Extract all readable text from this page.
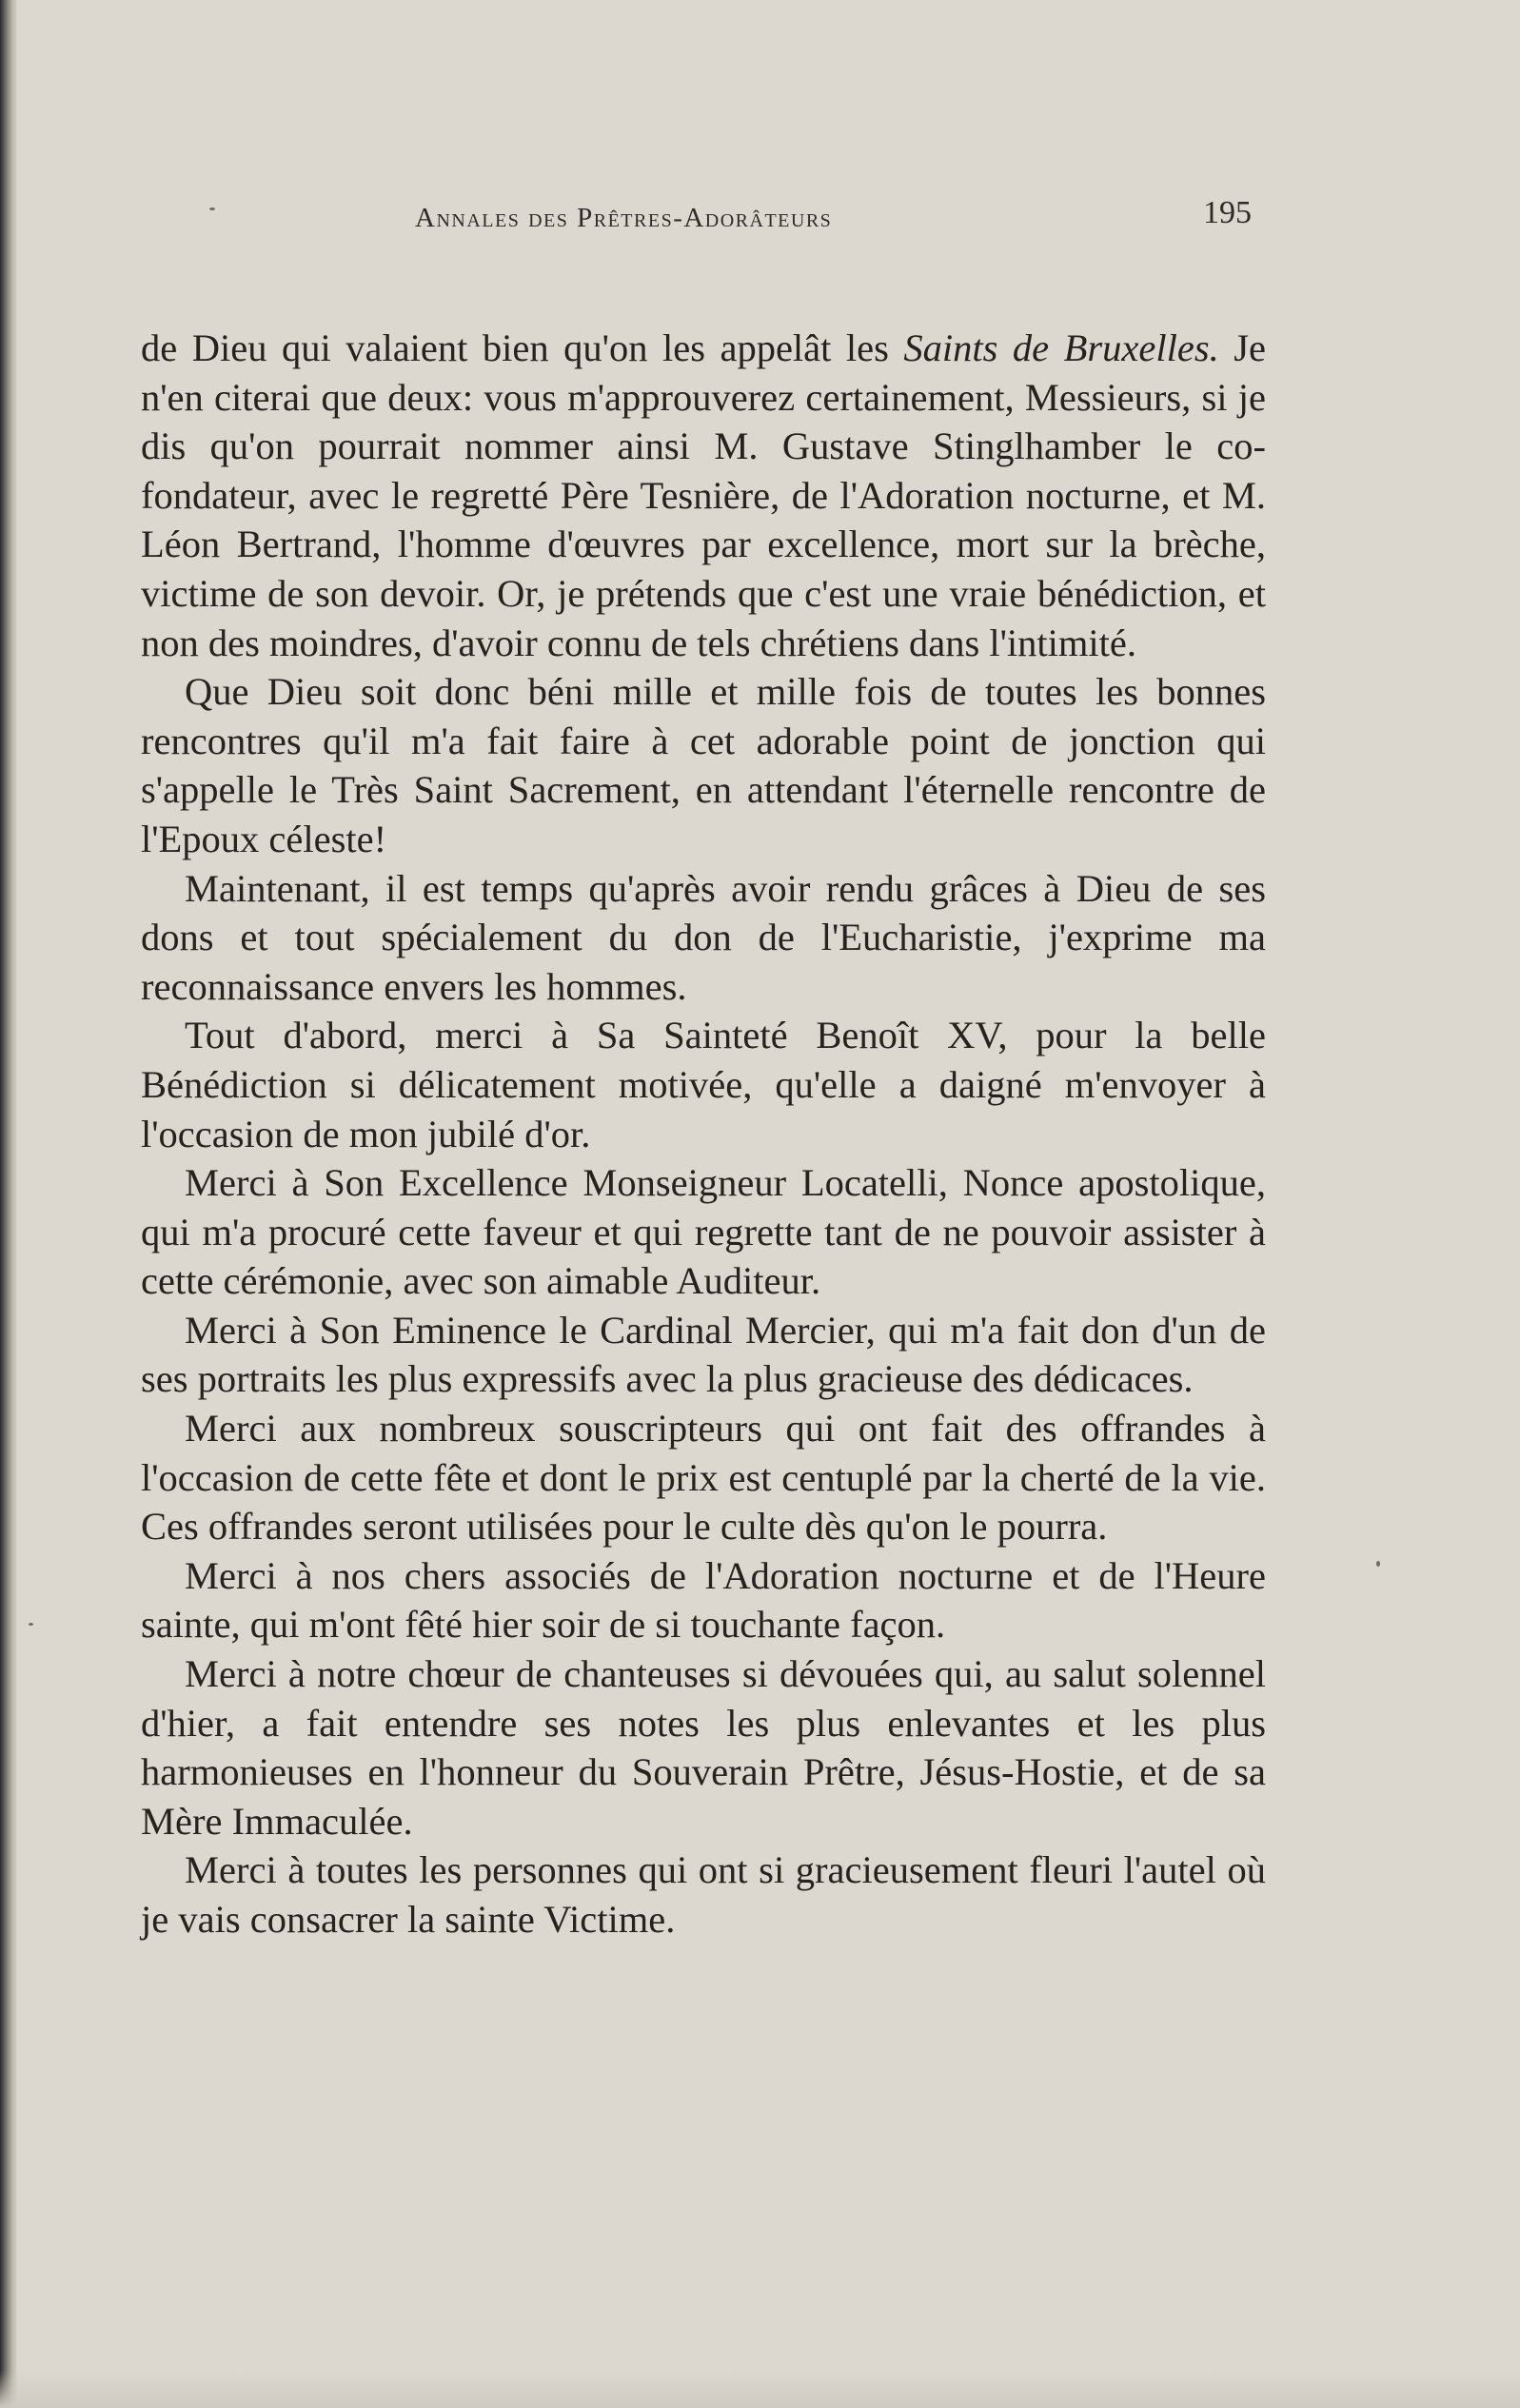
Annales des Prêtres-Adorâteurs	195

de Dieu qui valaient bien qu'on les appelât les Saints de Bruxelles. Je n'en citerai que deux: vous m'approuverez certainement, Messieurs, si je dis qu'on pourrait nommer ainsi M. Gustave Stinglhamber le co-fondateur, avec le regretté Père Tesnière, de l'Adoration nocturne, et M. Léon Bertrand, l'homme d'œuvres par excellence, mort sur la brèche, victime de son devoir. Or, je prétends que c'est une vraie bénédiction, et non des moindres, d'avoir connu de tels chrétiens dans l'intimité.

Que Dieu soit donc béni mille et mille fois de toutes les bonnes rencontres qu'il m'a fait faire à cet adorable point de jonction qui s'appelle le Très Saint Sacrement, en attendant l'éternelle rencontre de l'Epoux céleste!

Maintenant, il est temps qu'après avoir rendu grâces à Dieu de ses dons et tout spécialement du don de l'Eucharistie, j'exprime ma reconnaissance envers les hommes.

Tout d'abord, merci à Sa Sainteté Benoît XV, pour la belle Bénédiction si délicatement motivée, qu'elle a daigné m'envoyer à l'occasion de mon jubilé d'or.

Merci à Son Excellence Monseigneur Locatelli, Nonce apostolique, qui m'a procuré cette faveur et qui regrette tant de ne pouvoir assister à cette cérémonie, avec son aimable Auditeur.

Merci à Son Eminence le Cardinal Mercier, qui m'a fait don d'un de ses portraits les plus expressifs avec la plus gracieuse des dédicaces.

Merci aux nombreux souscripteurs qui ont fait des offrandes à l'occasion de cette fête et dont le prix est centuplé par la cherté de la vie. Ces offrandes seront utilisées pour le culte dès qu'on le pourra.

Merci à nos chers associés de l'Adoration nocturne et de l'Heure sainte, qui m'ont fêté hier soir de si touchante façon.

Merci à notre chœur de chanteuses si dévouées qui, au salut solennel d'hier, a fait entendre ses notes les plus enlevantes et les plus harmonieuses en l'honneur du Souverain Prêtre, Jésus-Hostie, et de sa Mère Immaculée.

Merci à toutes les personnes qui ont si gracieusement fleuri l'autel où je vais consacrer la sainte Victime.
